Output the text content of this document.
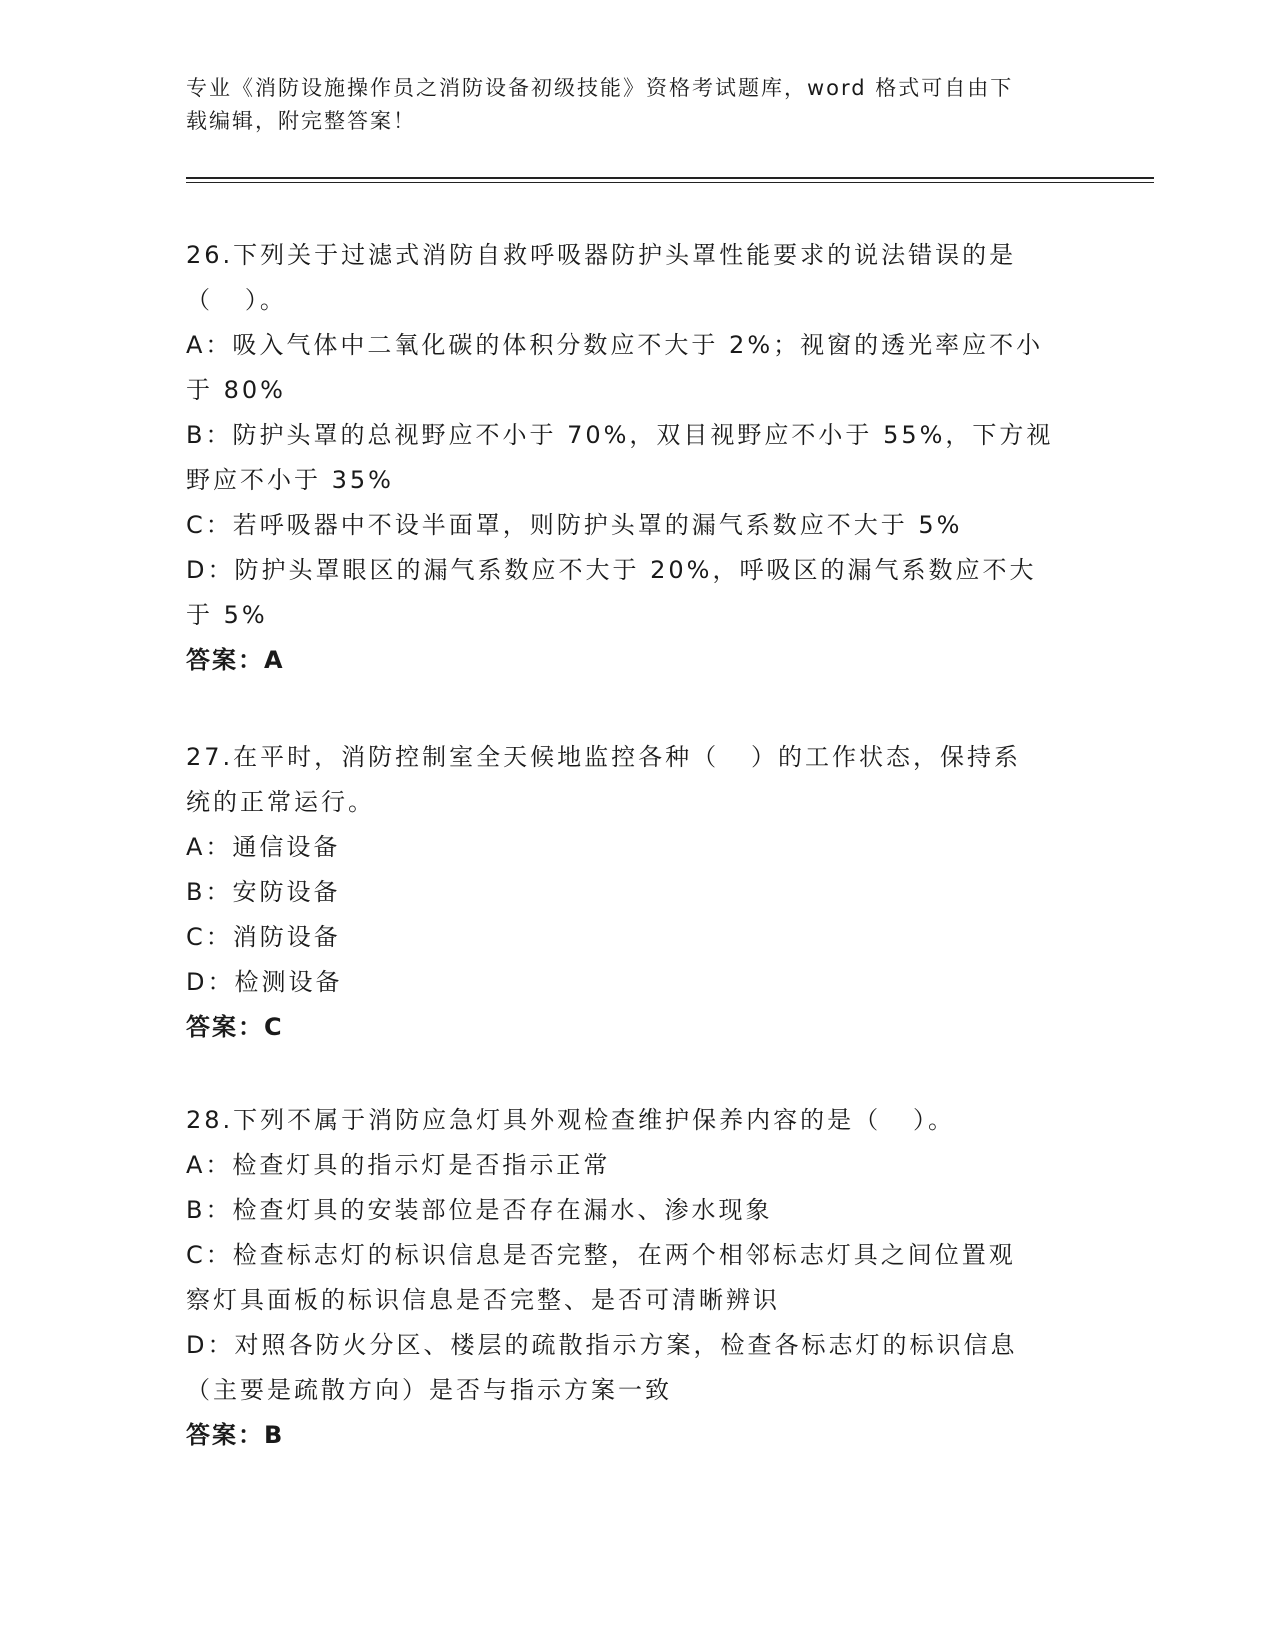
专业《消防设施操作员之消防设备初级技能》资格考试题库，word 格式可自由下
载编辑，附完整答案！
26.下列关于过滤式消防自救呼吸器防护头罩性能要求的说法错误的是
（   ）。
A：吸入气体中二氧化碳的体积分数应不大于 2%；视窗的透光率应不小
于 80%
B：防护头罩的总视野应不小于 70%，双目视野应不小于 55%，下方视
野应不小于 35%
C：若呼吸器中不设半面罩，则防护头罩的漏气系数应不大于 5%
D：防护头罩眼区的漏气系数应不大于 20%，呼吸区的漏气系数应不大
于 5%
答案：A
27.在平时，消防控制室全天候地监控各种（   ）的工作状态，保持系
统的正常运行。
A：通信设备
B：安防设备
C：消防设备
D：检测设备
答案：C
28.下列不属于消防应急灯具外观检查维护保养内容的是（   ）。
A：检查灯具的指示灯是否指示正常
B：检查灯具的安装部位是否存在漏水、渗水现象
C：检查标志灯的标识信息是否完整，在两个相邻标志灯具之间位置观
察灯具面板的标识信息是否完整、是否可清晰辨识
D：对照各防火分区、楼层的疏散指示方案，检查各标志灯的标识信息
（主要是疏散方向）是否与指示方案一致
答案：B
